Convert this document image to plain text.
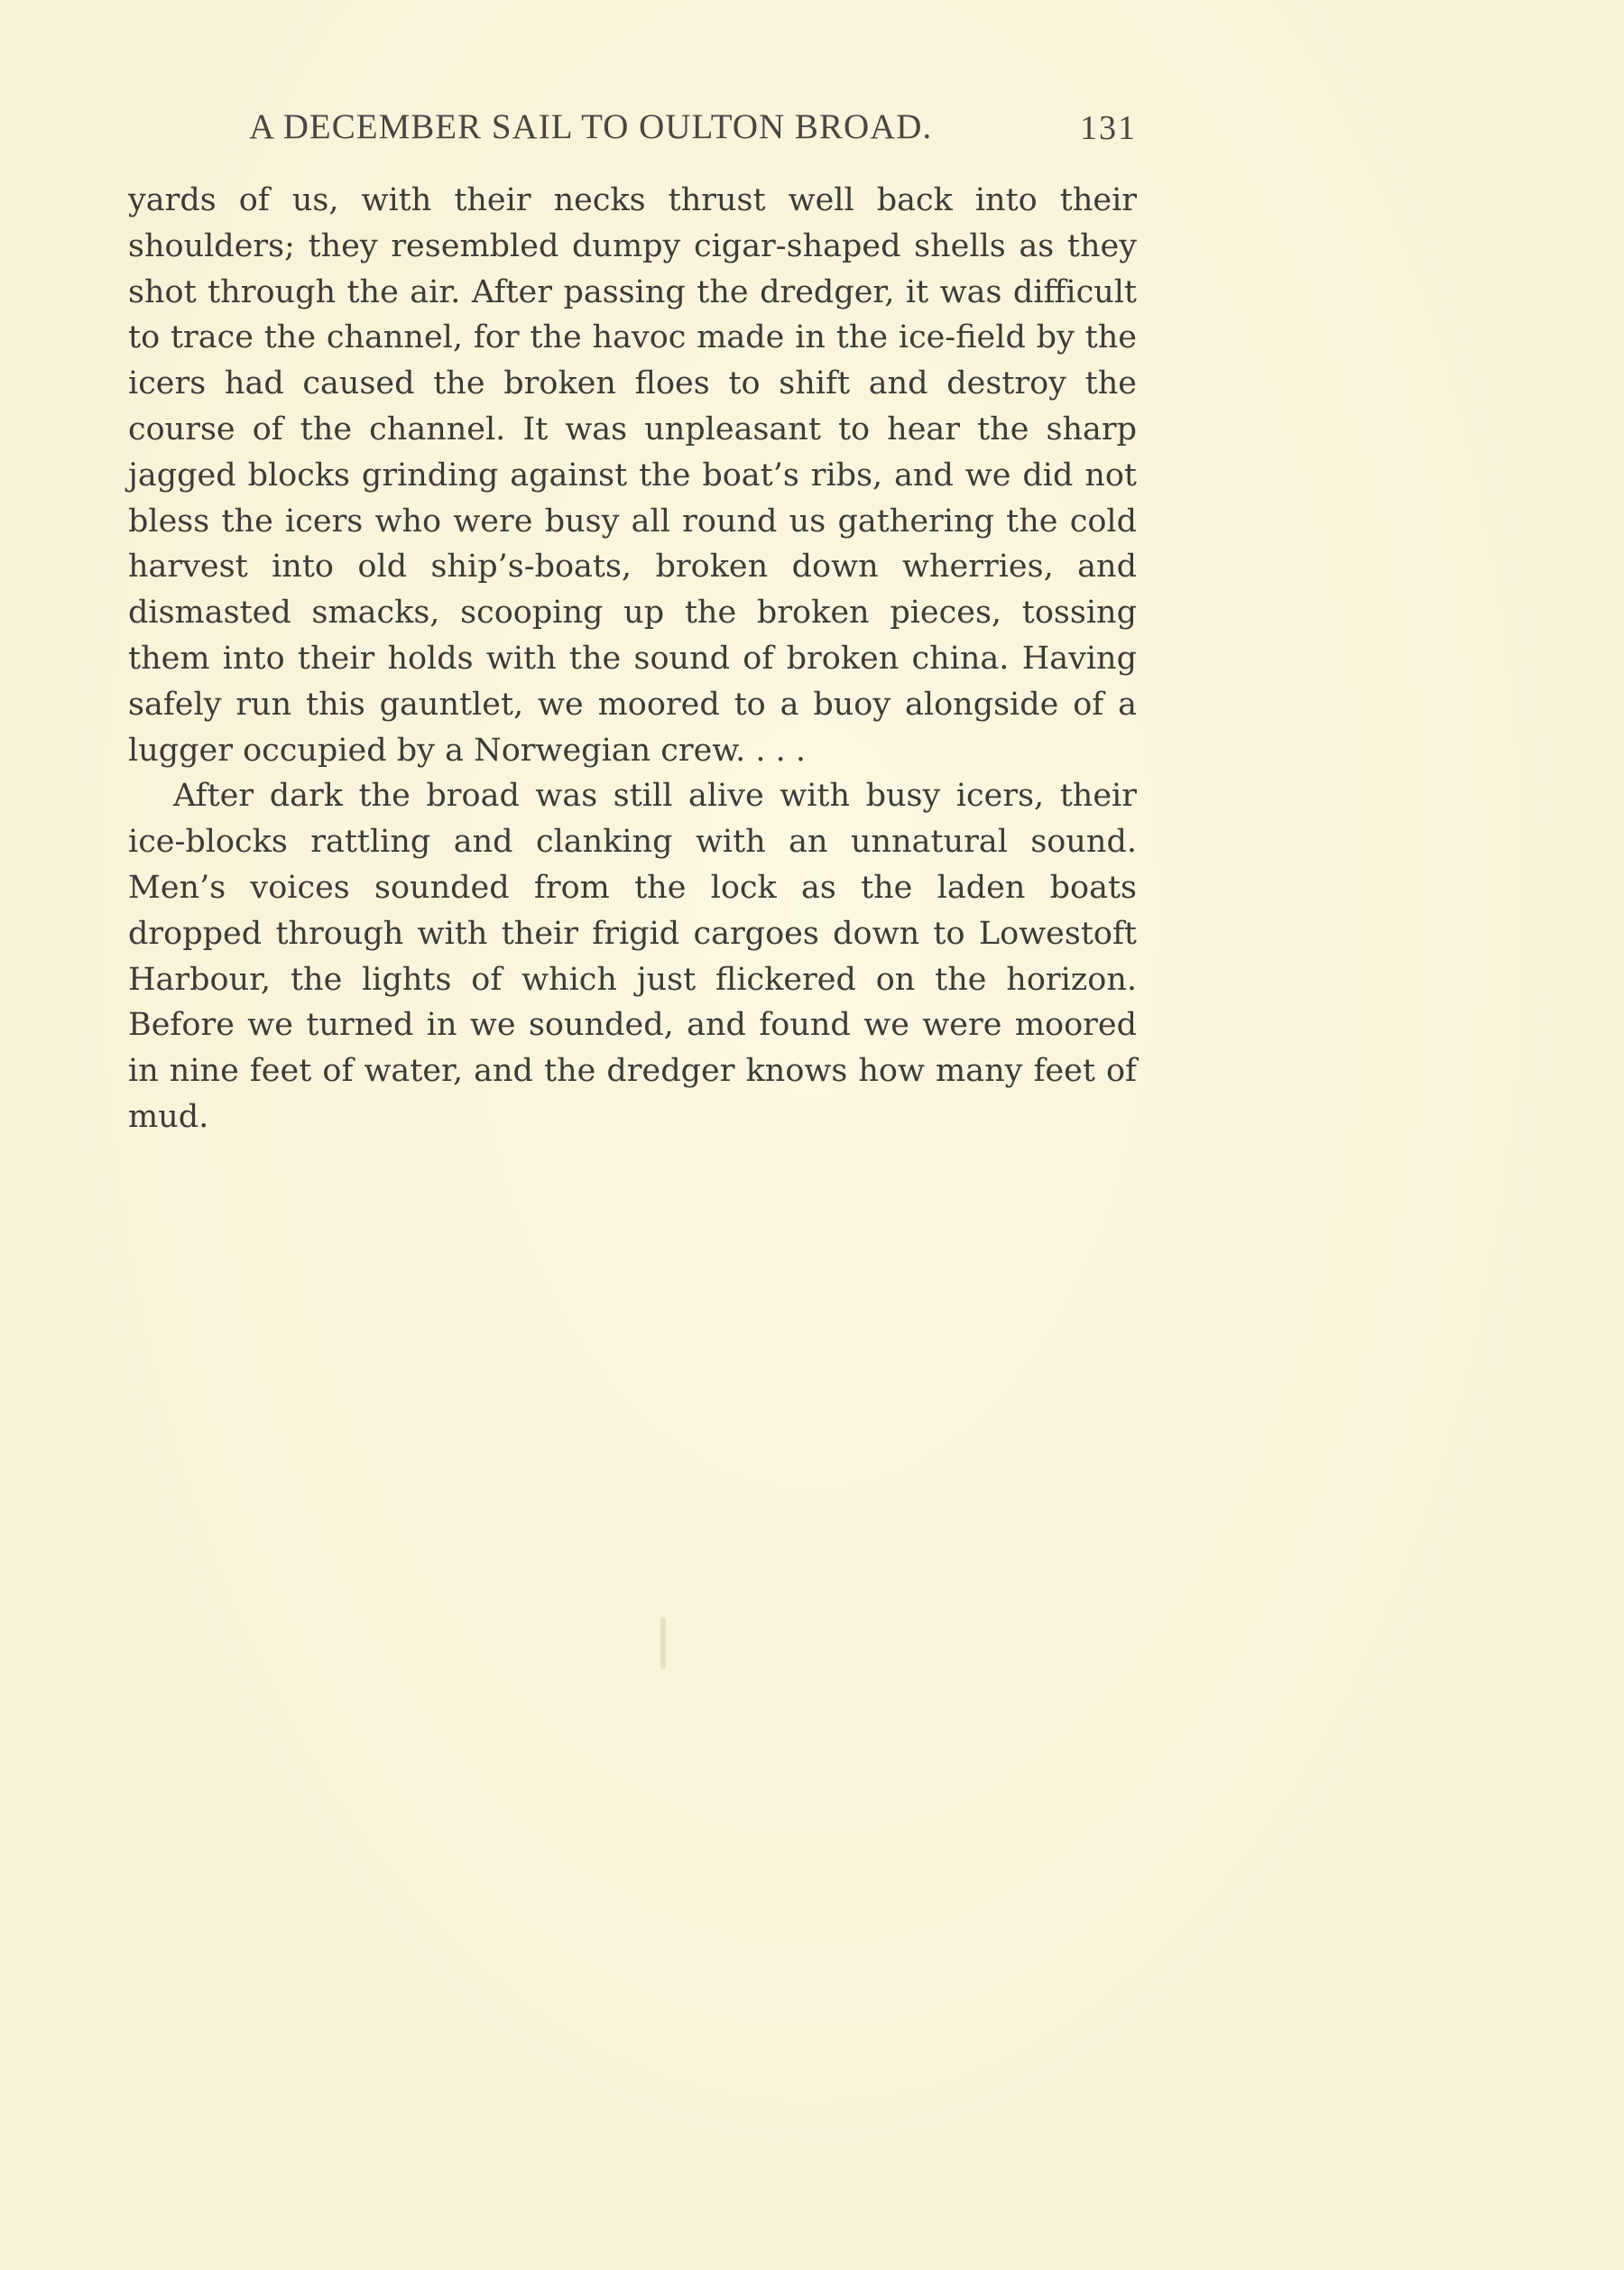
A DECEMBER SAIL TO OULTON BROAD.	131

yards of us, with their necks thrust well back into their shoulders; they resembled dumpy cigar-shaped shells as they shot through the air. After passing the dredger, it was difficult to trace the channel, for the havoc made in the ice-field by the icers had caused the broken floes to shift and destroy the course of the channel. It was unpleasant to hear the sharp jagged blocks grinding against the boat’s ribs, and we did not bless the icers who were busy all round us gathering the cold harvest into old ship’s-boats, broken down wherries, and dismasted smacks, scooping up the broken pieces, tossing them into their holds with the sound of broken china. Having safely run this gauntlet, we moored to a buoy alongside of a lugger occupied by a Norwegian crew. . . .

After dark the broad was still alive with busy icers, their ice-blocks rattling and clanking with an unnatural sound. Men’s voices sounded from the lock as the laden boats dropped through with their frigid cargoes down to Lowestoft Harbour, the lights of which just flickered on the horizon. Before we turned in we sounded, and found we were moored in nine feet of water, and the dredger knows how many feet of mud.
